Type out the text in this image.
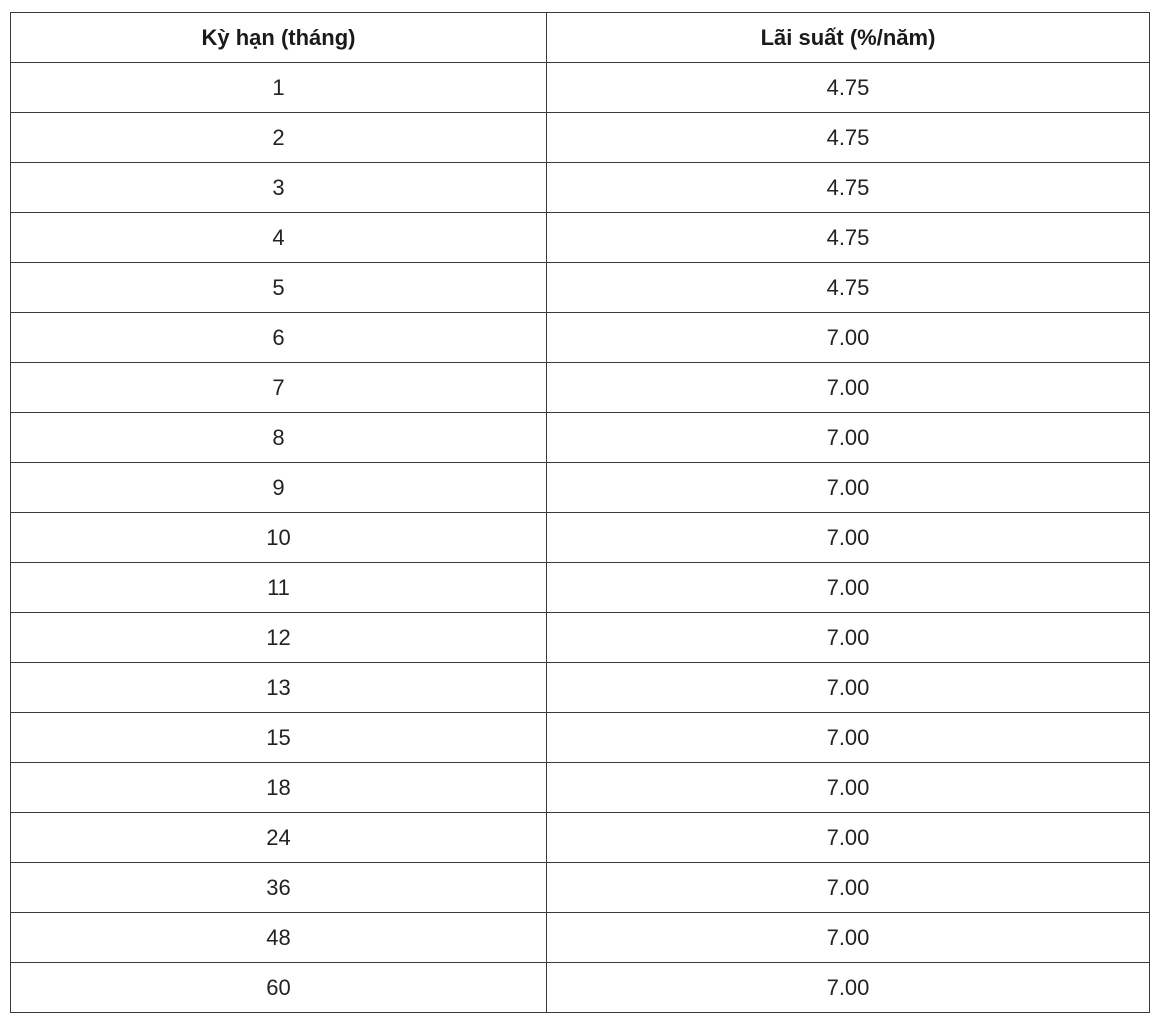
Kỳ hạn (tháng)	Lãi suất (%/năm)
1	4.75
2	4.75
3	4.75
4	4.75
5	4.75
6	7.00
7	7.00
8	7.00
9	7.00
10	7.00
11	7.00
12	7.00
13	7.00
15	7.00
18	7.00
24	7.00
36	7.00
48	7.00
60	7.00
